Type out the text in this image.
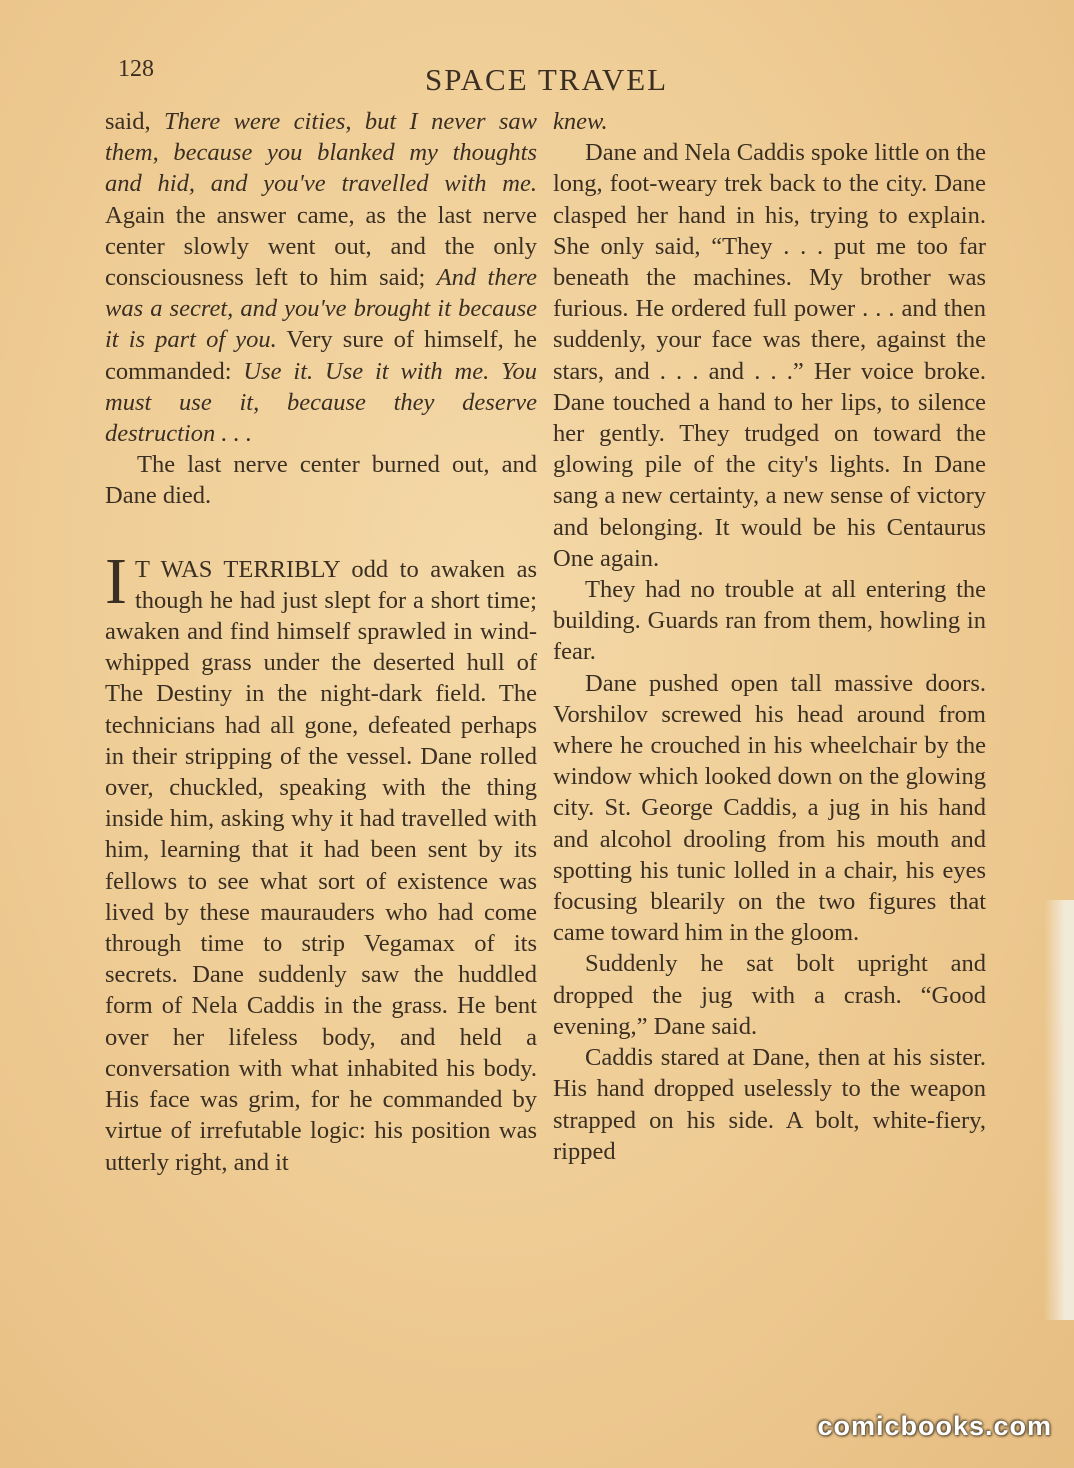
128	SPACE TRAVEL

said, There were cities, but I never saw them, because you blanked my thoughts and hid, and you've travelled with me. Again the answer came, as the last nerve center slowly went out, and the only consciousness left to him said; And there was a secret, and you've brought it because it is part of you. Very sure of himself, he commanded: Use it. Use it with me. You must use it, because they deserve destruction . . .

The last nerve center burned out, and Dane died.

I T WAS TERRIBLY odd to awaken as though he had just slept for a short time; awaken and find himself sprawled in wind-whipped grass under the deserted hull of The Destiny in the night-dark field. The technicians had all gone, defeated perhaps in their stripping of the vessel. Dane rolled over, chuckled, speaking with the thing inside him, asking why it had travelled with him, learning that it had been sent by its fellows to see what sort of existence was lived by these maurauders who had come through time to strip Vegamax of its secrets. Dane suddenly saw the huddled form of Nela Caddis in the grass. He bent over her lifeless body, and held a conversation with what inhabited his body. His face was grim, for he commanded by virtue of irrefutable logic: his position was utterly right, and it

knew.

Dane and Nela Caddis spoke little on the long, foot-weary trek back to the city. Dane clasped her hand in his, trying to explain. She only said, “They . . . put me too far beneath the machines. My brother was furious. He ordered full power . . . and then suddenly, your face was there, against the stars, and . . . and . . .” Her voice broke. Dane touched a hand to her lips, to silence her gently. They trudged on toward the glowing pile of the city's lights. In Dane sang a new certainty, a new sense of victory and belonging. It would be his Centaurus One again.

They had no trouble at all entering the building. Guards ran from them, howling in fear.

Dane pushed open tall massive doors. Vorshilov screwed his head around from where he crouched in his wheelchair by the window which looked down on the glowing city. St. George Caddis, a jug in his hand and alcohol drooling from his mouth and spotting his tunic lolled in a chair, his eyes focusing blearily on the two figures that came toward him in the gloom.

Suddenly he sat bolt upright and dropped the jug with a crash. “Good evening,” Dane said.

Caddis stared at Dane, then at his sister. His hand dropped uselessly to the weapon strapped on his side. A bolt, white-fiery, ripped

comicbooks.com
